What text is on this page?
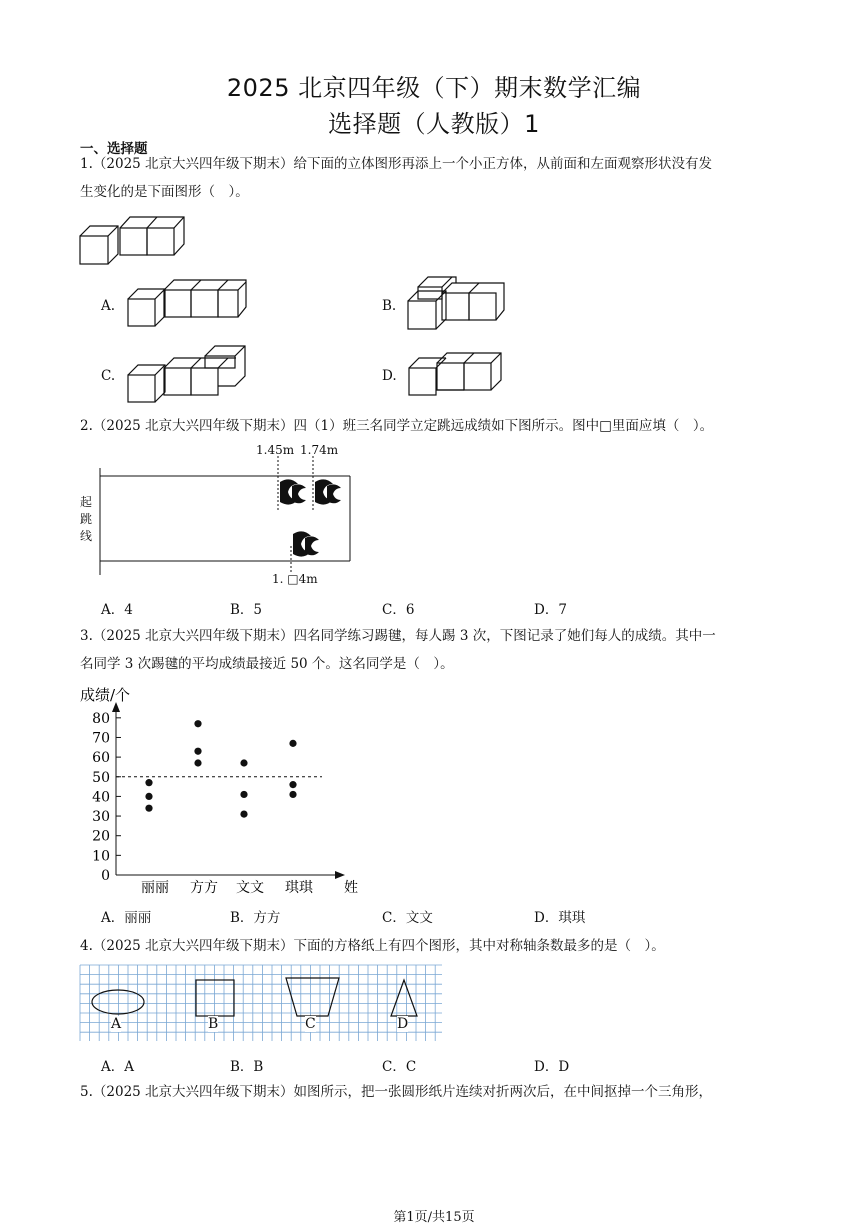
2025 北京四年级（下）期末数学汇编
选择题（人教版）1
一、选择题
1.（2025 北京大兴四年级下期末）给下面的立体图形再添上一个小正方体，从前面和左面观察形状没有发
生变化的是下面图形（　）。
A.	B.
C.	D.
2.（2025 北京大兴四年级下期末）四（1）班三名同学立定跳远成绩如下图所示。图中□里面应填（　）。
1.45m 1.74m
1. □4m
起
跳
线
A．4	B．5	C．6	D．7
3.（2025 北京大兴四年级下期末）四名同学练习踢毽，每人踢 3 次，下图记录了她们每人的成绩。其中一
名同学 3 次踢毽的平均成绩最接近 50 个。这名同学是（　）。
0
10
20
30
40
50
60
70
80
成绩/个
姓
丽丽 方方 文文 琪琪
A．丽丽	B．方方	C．文文	D．琪琪
4.（2025 北京大兴四年级下期末）下面的方格纸上有四个图形，其中对称轴条数最多的是（　）。
A	B	C	D
A．A	B．B	C．C	D．D
5.（2025 北京大兴四年级下期末）如图所示，把一张圆形纸片连续对折两次后，在中间抠掉一个三角形，
第1页/共15页
